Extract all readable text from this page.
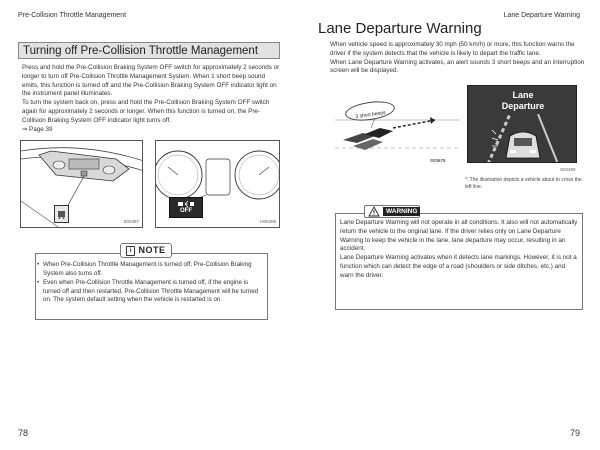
Pre-Collision Throttle Management	Lane Departure Warning
Turning off Pre-Collision Throttle Management
Press and hold the Pre-Collision Braking System OFF switch for approximately 2 seconds or longer to turn off Pre-Collision Throttle Management System. When 1 short beep sound emits, this function is turned off and the Pre-Collision Braking System OFF indicator light on the instrument panel illuminates.
To turn the system back on, press and hold the Pre-Collision Braking System OFF switch again for approximately 2 seconds or longer. When this function is turned on, the Pre-Collision Braking System OFF indicator light turns off.
⇒ Page 39
S02387
OFF
H00305
i NOTE
• When Pre-Collision Throttle Management is turned off, Pre-Collision Braking System also turns off.
• Even when Pre-Collision Throttle Management is turned off, if the engine is turned off and then restarted, Pre-Collision Throttle Management will be turned on. The system default setting when the vehicle is restarted is on.
Lane Departure Warning
When vehicle speed is approximately 30 mph (50 km/h) or more, this function warns the driver if the system detects that the vehicle is likely to depart the traffic lane.
When Lane Departure Warning activates, an alert sounds 3 short beeps and an interruption screen will be displayed.
3 short beeps
S03678
Lane
Departure
S02490
*: The illustration depicts a vehicle about to cross the left line.
WARNING
Lane Departure Warning will not operate in all conditions. It also will not automatically return the vehicle to the original lane. If the driver relies only on Lane Departure Warning to keep the vehicle in the lane, lane departure may occur, resulting in an accident.
Lane Departure Warning activates when it detects lane markings. However, it is not a function which can detect the edge of a road (shoulders or side ditches, etc.) and warn the driver.
78	79
